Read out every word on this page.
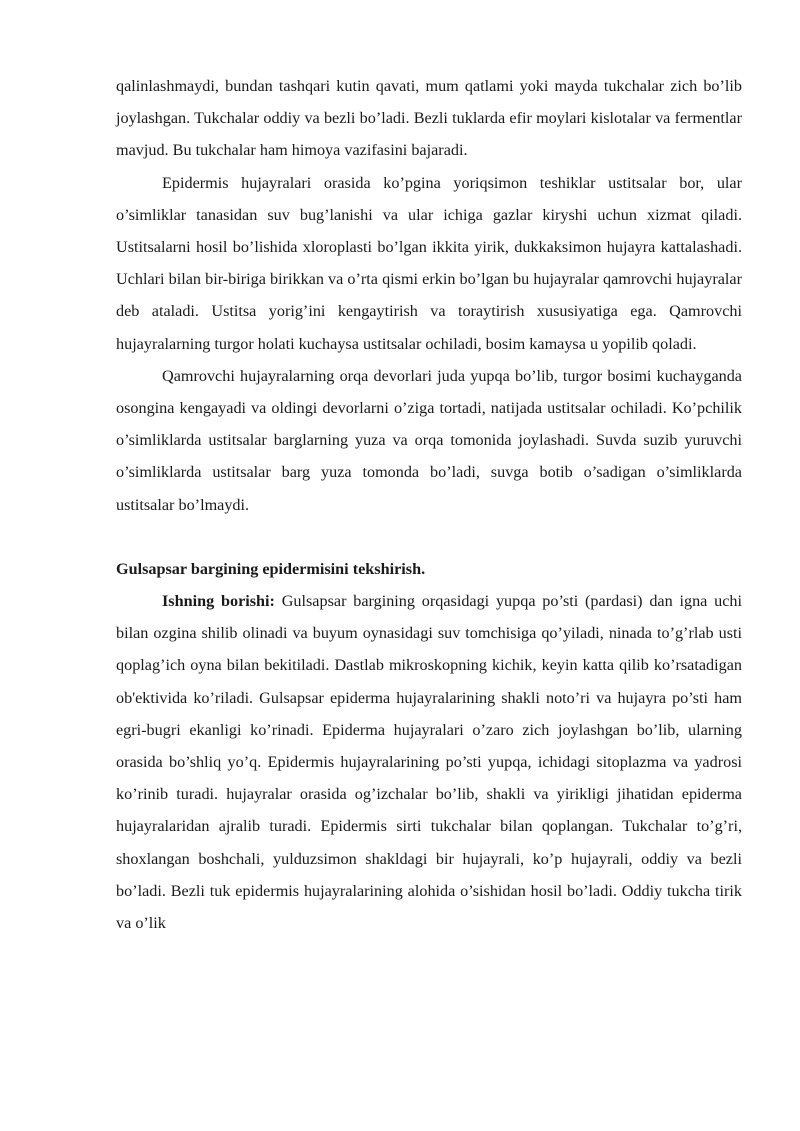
qalinlashmaydi, bundan tashqari kutin qavati, mum qatlami yoki mayda tukchalar zich bo’lib joylashgan. Tukchalar oddiy va bezli bo’ladi. Bezli tuklarda efir moylari kislotalar va fermentlar mavjud. Bu tukchalar ham himoya vazifasini bajaradi.

Epidermis hujayralari orasida ko’pgina yoriqsimon teshiklar ustitsalar bor, ular o’simliklar tanasidan suv bug’lanishi va ular ichiga gazlar kiryshi uchun xizmat qiladi. Ustitsalarni hosil bo’lishida xloroplasti bo’lgan ikkita yirik, dukkaksimon hujayra kattalashadi. Uchlari bilan bir-biriga birikkan va o’rta qismi erkin bo’lgan bu hujayralar qamrovchi hujayralar deb ataladi. Ustitsa yorig’ini kengaytirish va toraytirish xususiyatiga ega. Qamrovchi hujayralarning turgor holati kuchaysa ustitsalar ochiladi, bosim kamaysa u yopilib qoladi.

Qamrovchi hujayralarning orqa devorlari juda yupqa bo’lib, turgor bosimi kuchayganda osongina kengayadi va oldingi devorlarni o’ziga tortadi, natijada ustitsalar ochiladi. Ko’pchilik o’simliklarda ustitsalar barglarning yuza va orqa tomonida joylashadi. Suvda suzib yuruvchi o’simliklarda ustitsalar barg yuza tomonda bo’ladi, suvga botib o’sadigan o’simliklarda ustitsalar bo’lmaydi.

Gulsapsar bargining epidermisini tekshirish.

Ishning borishi: Gulsapsar bargining orqasidagi yupqa po’sti (pardasi) dan igna uchi bilan ozgina shilib olinadi va buyum oynasidagi suv tomchisiga qo’yiladi, ninada to’g’rlab usti qoplag’ich oyna bilan bekitiladi. Dastlab mikroskopning kichik, keyin katta qilib ko’rsatadigan ob'ektivida ko’riladi. Gulsapsar epiderma hujayralarining shakli noto’ri va hujayra po’sti ham egri-bugri ekanligi ko’rinadi. Epiderma hujayralari o’zaro zich joylashgan bo’lib, ularning orasida bo’shliq yo’q. Epidermis hujayralarining po’sti yupqa, ichidagi sitoplazma va yadrosi ko’rinib turadi. hujayralar orasida og’izchalar bo’lib, shakli va yirikligi jihatidan epiderma hujayralaridan ajralib turadi. Epidermis sirti tukchalar bilan qoplangan. Tukchalar to’g’ri, shoxlangan boshchali, yulduzsimon shakldagi bir hujayrali, ko’p hujayrali, oddiy va bezli bo’ladi. Bezli tuk epidermis hujayralarining alohida o’sishidan hosil bo’ladi. Oddiy tukcha tirik va o’lik
